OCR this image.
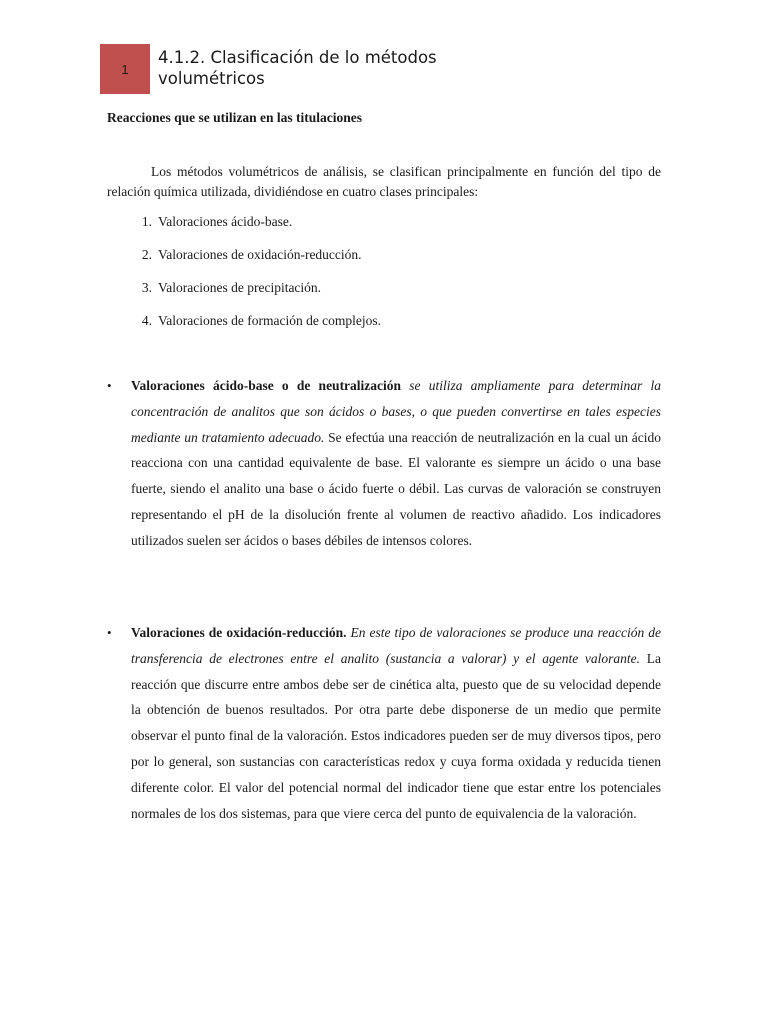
1
4.1.2. Clasificación de lo métodos volumétricos
Reacciones que se utilizan en las titulaciones

Los métodos volumétricos de análisis, se clasifican principalmente en función del tipo de relación química utilizada, dividiéndose en cuatro clases principales:

1. Valoraciones ácido-base.
2. Valoraciones de oxidación-reducción.
3. Valoraciones de precipitación.
4. Valoraciones de formación de complejos.
• Valoraciones ácido-base o de neutralización se utiliza ampliamente para determinar la concentración de analitos que son ácidos o bases, o que pueden convertirse en tales especies mediante un tratamiento adecuado. Se efectúa una reacción de neutralización en la cual un ácido reacciona con una cantidad equivalente de base. El valorante es siempre un ácido o una base fuerte, siendo el analito una base o ácido fuerte o débil. Las curvas de valoración se construyen representando el pH de la disolución frente al volumen de reactivo añadido. Los indicadores utilizados suelen ser ácidos o bases débiles de intensos colores.

• Valoraciones de oxidación-reducción. En este tipo de valoraciones se produce una reacción de transferencia de electrones entre el analito (sustancia a valorar) y el agente valorante. La reacción que discurre entre ambos debe ser de cinética alta, puesto que de su velocidad depende la obtención de buenos resultados. Por otra parte debe disponerse de un medio que permite observar el punto final de la valoración. Estos indicadores pueden ser de muy diversos tipos, pero por lo general, son sustancias con características redox y cuya forma oxidada y reducida tienen diferente color. El valor del potencial normal del indicador tiene que estar entre los potenciales normales de los dos sistemas, para que viere cerca del punto de equivalencia de la valoración.
